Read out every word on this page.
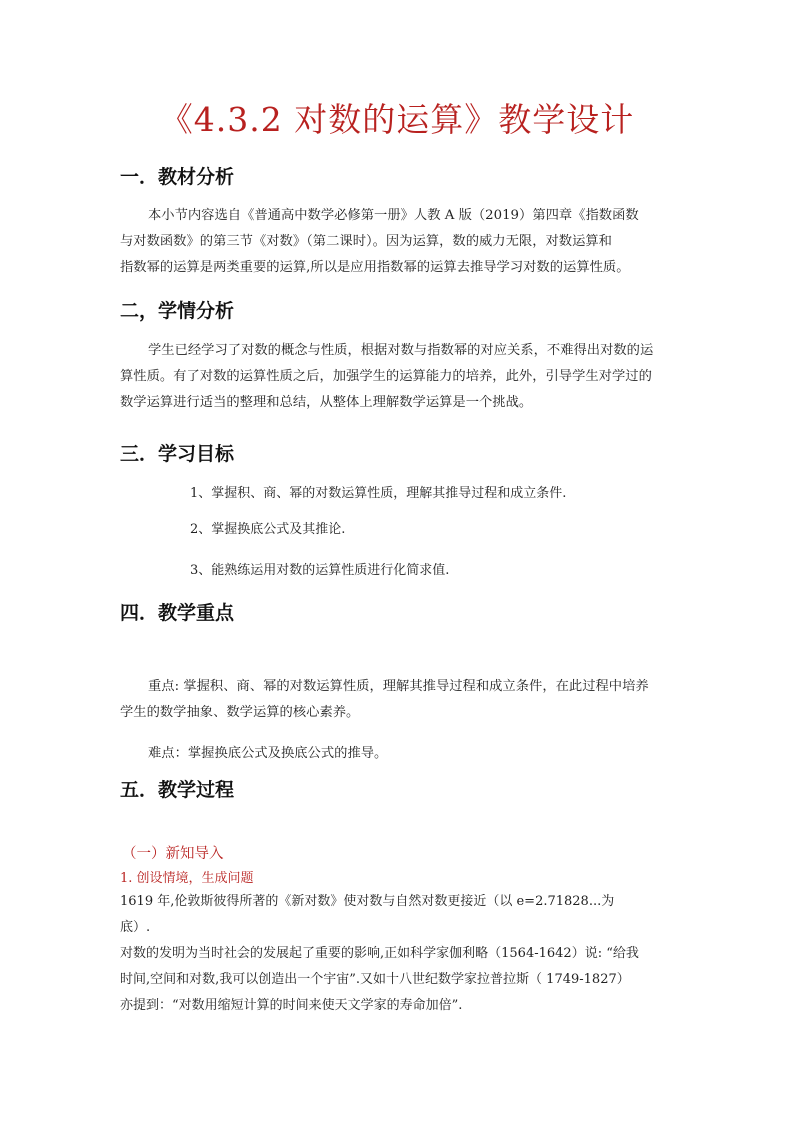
《4.3.2 对数的运算》教学设计
一．教材分析
本小节内容选自《普通高中数学必修第一册》人教 A 版（2019）第四章《指数函数
与对数函数》的第三节《对数》（第二课时）。因为运算，数的威力无限，对数运算和
指数幂的运算是两类重要的运算,所以是应用指数幂的运算去推导学习对数的运算性质。
二，学情分析
学生已经学习了对数的概念与性质，根据对数与指数幂的对应关系，不难得出对数的运
算性质。有了对数的运算性质之后，加强学生的运算能力的培养，此外，引导学生对学过的
数学运算进行适当的整理和总结，从整体上理解数学运算是一个挑战。
三．学习目标
1、掌握积、商、幂的对数运算性质，理解其推导过程和成立条件.
2、掌握换底公式及其推论.
3、能熟练运用对数的运算性质进行化简求值.
四．教学重点
重点: 掌握积、商、幂的对数运算性质，理解其推导过程和成立条件，在此过程中培养
学生的数学抽象、数学运算的核心素养。
难点：掌握换底公式及换底公式的推导。
五．教学过程
（一）新知导入
1. 创设情境，生成问题
1619 年,伦敦斯彼得所著的《新对数》使对数与自然对数更接近（以 e=2.71828...为
底）.
对数的发明为当时社会的发展起了重要的影响,正如科学家伽利略（1564-1642）说: “给我
时间,空间和对数,我可以创造出一个宇宙”.又如十八世纪数学家拉普拉斯（ 1749-1827）
亦提到：“对数用缩短计算的时间来使天文学家的寿命加倍”.
